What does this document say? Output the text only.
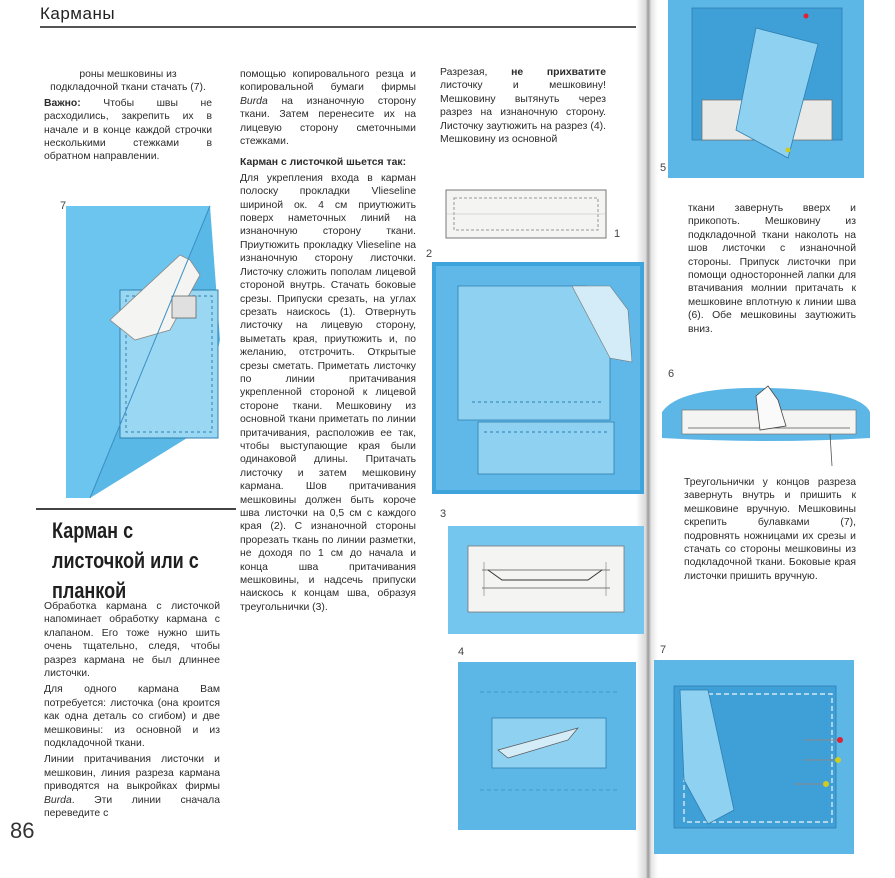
Карманы

роны мешковины из подкладочной ткани стачать (7).

Важно: Чтобы швы не расходились, закрепить их в начале и в конце каждой строчки несколькими стежками в обратном направлении.

7
Карман с листочкой или с планкой

Обработка кармана с листочкой напоминает обработку кармана с клапаном. Его тоже нужно шить очень тщательно, следя, чтобы разрез кармана не был длиннее листочки.

Для одного кармана Вам потребуется: листочка (она кроится как одна деталь со сгибом) и две мешковины: из основной и из подкладочной ткани.

Линии притачивания листочки и мешковин, линия разреза кармана приводятся на выкройках фирмы Burda. Эти линии сначала переведите с

86

помощью копировального резца и копировальной бумаги фирмы Burda на изнаночную сторону ткани. Затем перенесите их на лицевую сторону сметочными стежками.

Карман с листочкой шьется так:

Для укрепления входа в карман полоску прокладки Vlieseline шириной ок. 4 см приутюжить поверх наметочных линий на изнаночную сторону ткани. Приутюжить прокладку Vlieseline на изнаночную сторону листочки. Листочку сложить пополам лицевой стороной внутрь. Стачать боковые срезы. Припуски срезать, на углах срезать наискось (1). Отвернуть листочку на лицевую сторону, выметать края, приутюжить и, по желанию, отстрочить. Открытые срезы сметать. Приметать листочку по линии притачивания укрепленной стороной к лицевой стороне ткани. Мешковину из основной ткани приметать по линии притачивания, расположив ее так, чтобы выступающие края были одинаковой длины. Притачать листочку и затем мешковину кармана. Шов притачивания мешковины должен быть короче шва листочки на 0,5 см с каждого края (2). С изнаночной стороны прорезать ткань по линии разметки, не доходя по 1 см до начала и конца шва притачивания мешковины, и надсечь припуски наискось к концам шва, образуя треугольнички (3).

Разрезая, не прихватите листочку и мешковину! Мешковину вытянуть через разрез на изнаночную сторону. Листочку заутюжить на разрез (4). Мешковину из основной

1
2
3
4
5

ткани завернуть вверх и прикопоть. Мешковину из подкладочной ткани наколоть на шов листочки с изнаночной стороны. Припуск листочки при помощи односторонней лапки для втачивания молнии притачать к мешковине вплотную к линии шва (6). Обе мешковины заутюжить вниз.

6

Треугольнички у концов разреза завернуть внутрь и пришить к мешковине вручную. Мешковины скрепить булавками (7), подровнять ножницами их срезы и стачать со стороны мешковины из подкладочной ткани. Боковые края листочки пришить вручную.

7
